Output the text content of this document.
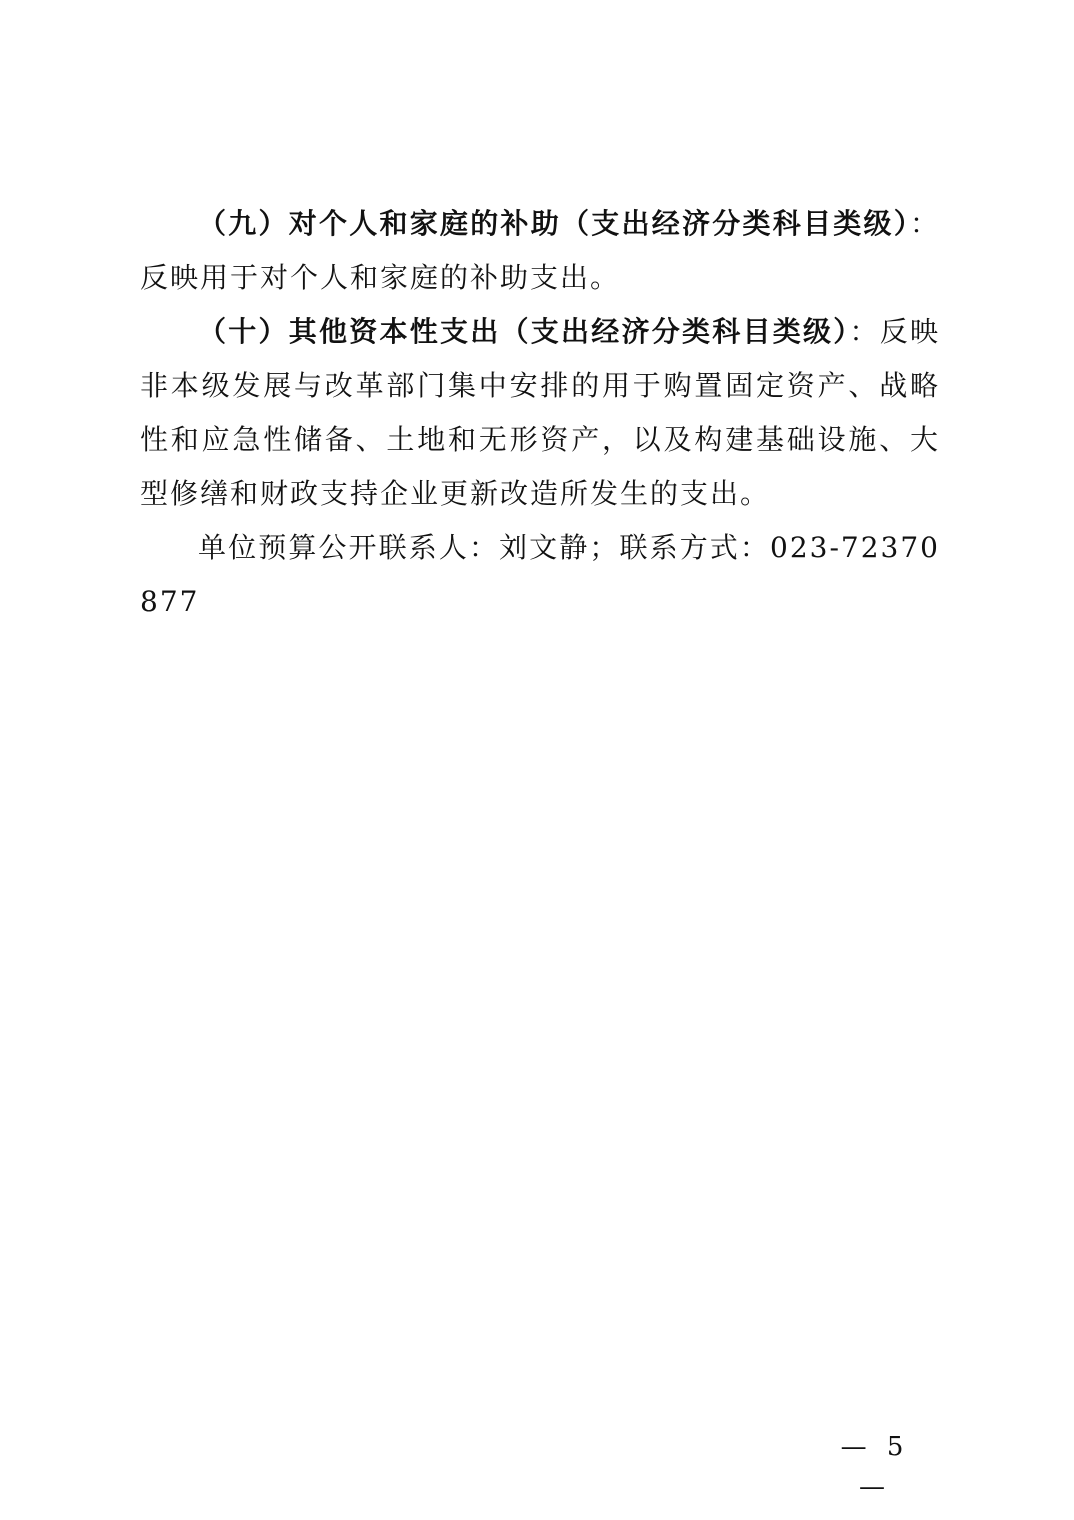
（九）对个人和家庭的补助（支出经济分类科目类级）：反映用于对个人和家庭的补助支出。

（十）其他资本性支出（支出经济分类科目类级）：反映非本级发展与改革部门集中安排的用于购置固定资产、战略性和应急性储备、土地和无形资产，以及构建基础设施、大型修缮和财政支持企业更新改造所发生的支出。

单位预算公开联系人：刘文静；联系方式：023-72370877

— 5 —
